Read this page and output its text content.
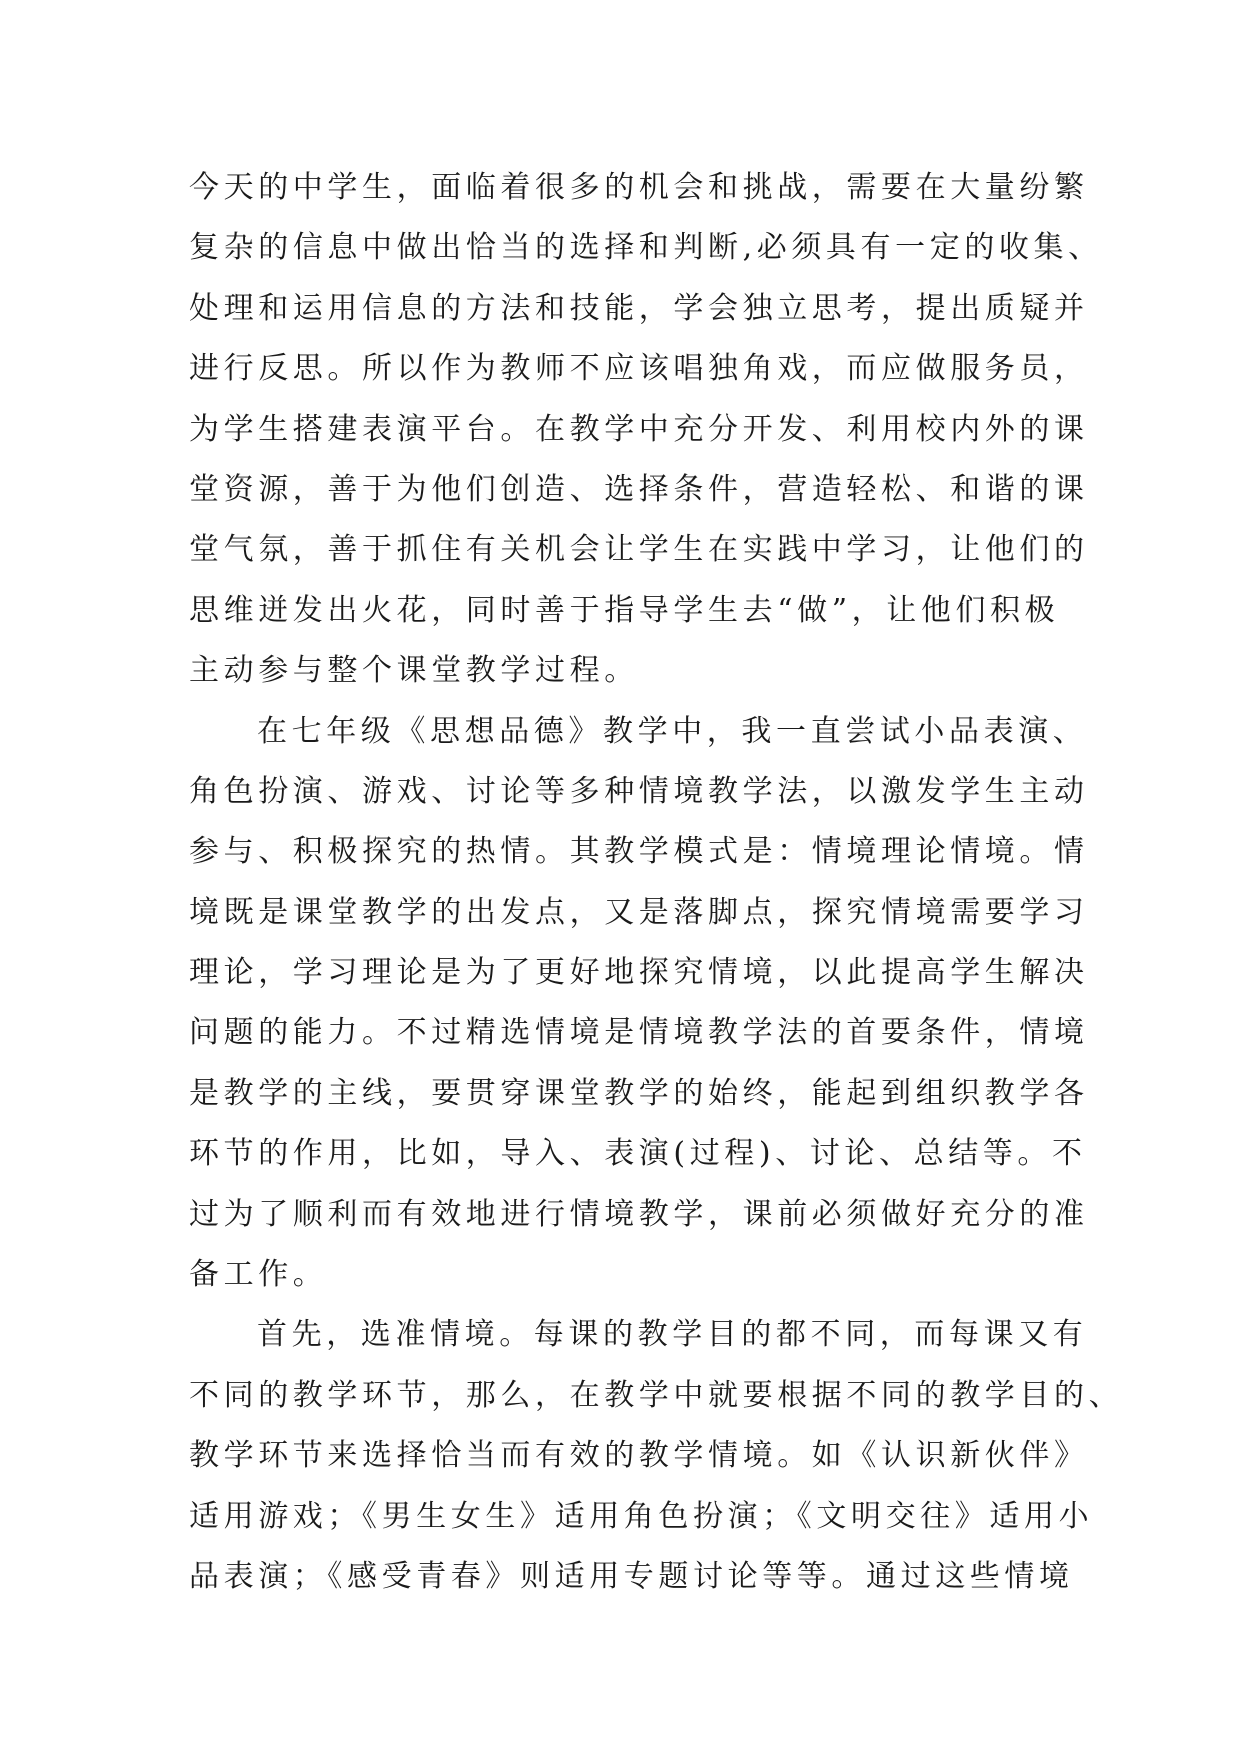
今天的中学生，面临着很多的机会和挑战，需要在大量纷繁
复杂的信息中做出恰当的选择和判断,必须具有一定的收集、
处理和运用信息的方法和技能，学会独立思考，提出质疑并
进行反思。所以作为教师不应该唱独角戏，而应做服务员，
为学生搭建表演平台。在教学中充分开发、利用校内外的课
堂资源，善于为他们创造、选择条件，营造轻松、和谐的课
堂气氛，善于抓住有关机会让学生在实践中学习，让他们的
思维迸发出火花，同时善于指导学生去“做”，让他们积极
主动参与整个课堂教学过程。
在七年级《思想品德》教学中，我一直尝试小品表演、
角色扮演、游戏、讨论等多种情境教学法，以激发学生主动
参与、积极探究的热情。其教学模式是：情境理论情境。情
境既是课堂教学的出发点，又是落脚点，探究情境需要学习
理论，学习理论是为了更好地探究情境，以此提高学生解决
问题的能力。不过精选情境是情境教学法的首要条件，情境
是教学的主线，要贯穿课堂教学的始终，能起到组织教学各
环节的作用，比如，导入、表演(过程)、讨论、总结等。不
过为了顺利而有效地进行情境教学，课前必须做好充分的准
备工作。
首先，选准情境。每课的教学目的都不同，而每课又有
不同的教学环节，那么，在教学中就要根据不同的教学目的、
教学环节来选择恰当而有效的教学情境。如《认识新伙伴》
适用游戏；《男生女生》适用角色扮演；《文明交往》适用小
品表演；《感受青春》则适用专题讨论等等。通过这些情境
